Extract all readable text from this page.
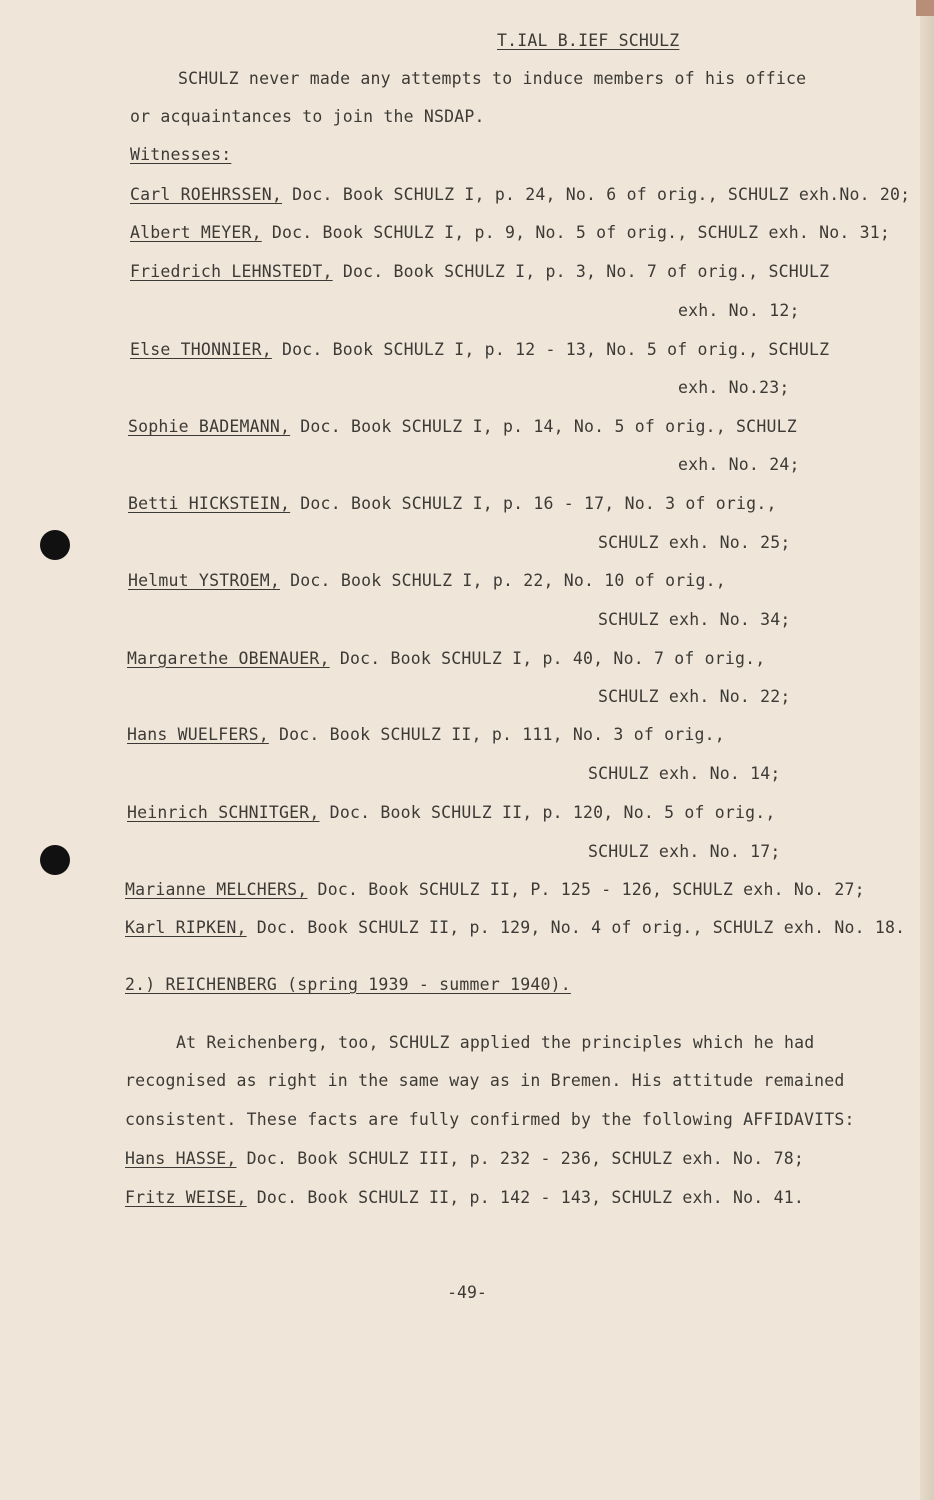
T.IAL B.IEF SCHULZ
SCHULZ never made any attempts to induce members of his office
or acquaintances to join the NSDAP.
Witnesses:
Carl ROEHRSSEN, Doc. Book SCHULZ I, p. 24, No. 6 of orig., SCHULZ exh.No. 20;
Albert MEYER, Doc. Book SCHULZ I, p. 9, No. 5 of orig., SCHULZ exh. No. 31;
Friedrich LEHNSTEDT, Doc. Book SCHULZ I, p. 3, No. 7 of orig., SCHULZ
exh. No. 12;
Else THONNIER, Doc. Book SCHULZ I, p. 12 - 13, No. 5 of orig., SCHULZ
exh. No.23;
Sophie BADEMANN, Doc. Book SCHULZ I, p. 14, No. 5 of orig., SCHULZ
exh. No. 24;
Betti HICKSTEIN, Doc. Book SCHULZ I, p. 16 - 17, No. 3 of orig.,
SCHULZ exh. No. 25;
Helmut YSTROEM, Doc. Book SCHULZ I, p. 22, No. 10 of orig.,
SCHULZ exh. No. 34;
Margarethe OBENAUER, Doc. Book SCHULZ I, p. 40, No. 7 of orig.,
SCHULZ exh. No. 22;
Hans WUELFERS, Doc. Book SCHULZ II, p. 111, No. 3 of orig.,
SCHULZ exh. No. 14;
Heinrich SCHNITGER, Doc. Book SCHULZ II, p. 120, No. 5 of orig.,
SCHULZ exh. No. 17;
Marianne MELCHERS, Doc. Book SCHULZ II, P. 125 - 126, SCHULZ exh. No. 27;
Karl RIPKEN, Doc. Book SCHULZ II, p. 129, No. 4 of orig., SCHULZ exh. No. 18.
2.) REICHENBERG (spring 1939 - summer 1940).
At Reichenberg, too, SCHULZ applied the principles which he had
recognised as right in the same way as in Bremen. His attitude remained
consistent. These facts are fully confirmed by the following AFFIDAVITS:
Hans HASSE, Doc. Book SCHULZ III, p. 232 - 236, SCHULZ exh. No. 78;
Fritz WEISE, Doc. Book SCHULZ II, p. 142 - 143, SCHULZ exh. No. 41.
-49-
